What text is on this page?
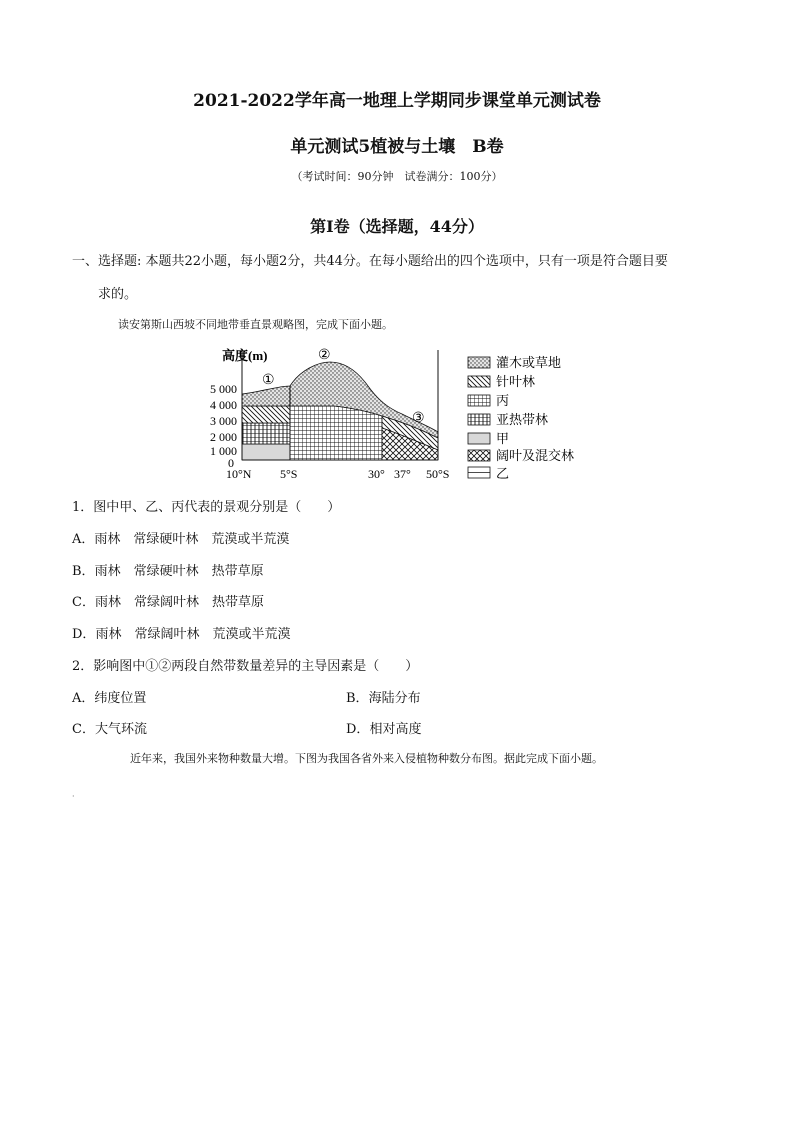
2021-2022学年高一地理上学期同步课堂单元测试卷
单元测试5植被与土壤　B卷
（考试时间：90分钟　试卷满分：100分）
第Ⅰ卷（选择题，44分）
一、选择题: 本题共22小题，每小题2分，共44分。在每小题给出的四个选项中，只有一项是符合题目要
求的。
读安第斯山西坡不同地带垂直景观略图，完成下面小题。
高度(m)
5 000
4 000
3 000
2 000
1 000
0
10°N 5°S	30° 37° 50°S
①
②
③
灌木或草地
针叶林
丙
亚热带林
甲
阔叶及混交林
乙
1．图中甲、乙、丙代表的景观分别是（　　）
A．雨林　常绿硬叶林　荒漠或半荒漠
B．雨林　常绿硬叶林　热带草原
C．雨林　常绿阔叶林　热带草原
D．雨林　常绿阔叶林　荒漠或半荒漠
2．影响图中①②两段自然带数量差异的主导因素是（　　）
A．纬度位置	B．海陆分布
C．大气环流	D．相对高度
近年来，我国外来物种数量大增。下图为我国各省外来入侵植物种数分布图。据此完成下面小题。
·
